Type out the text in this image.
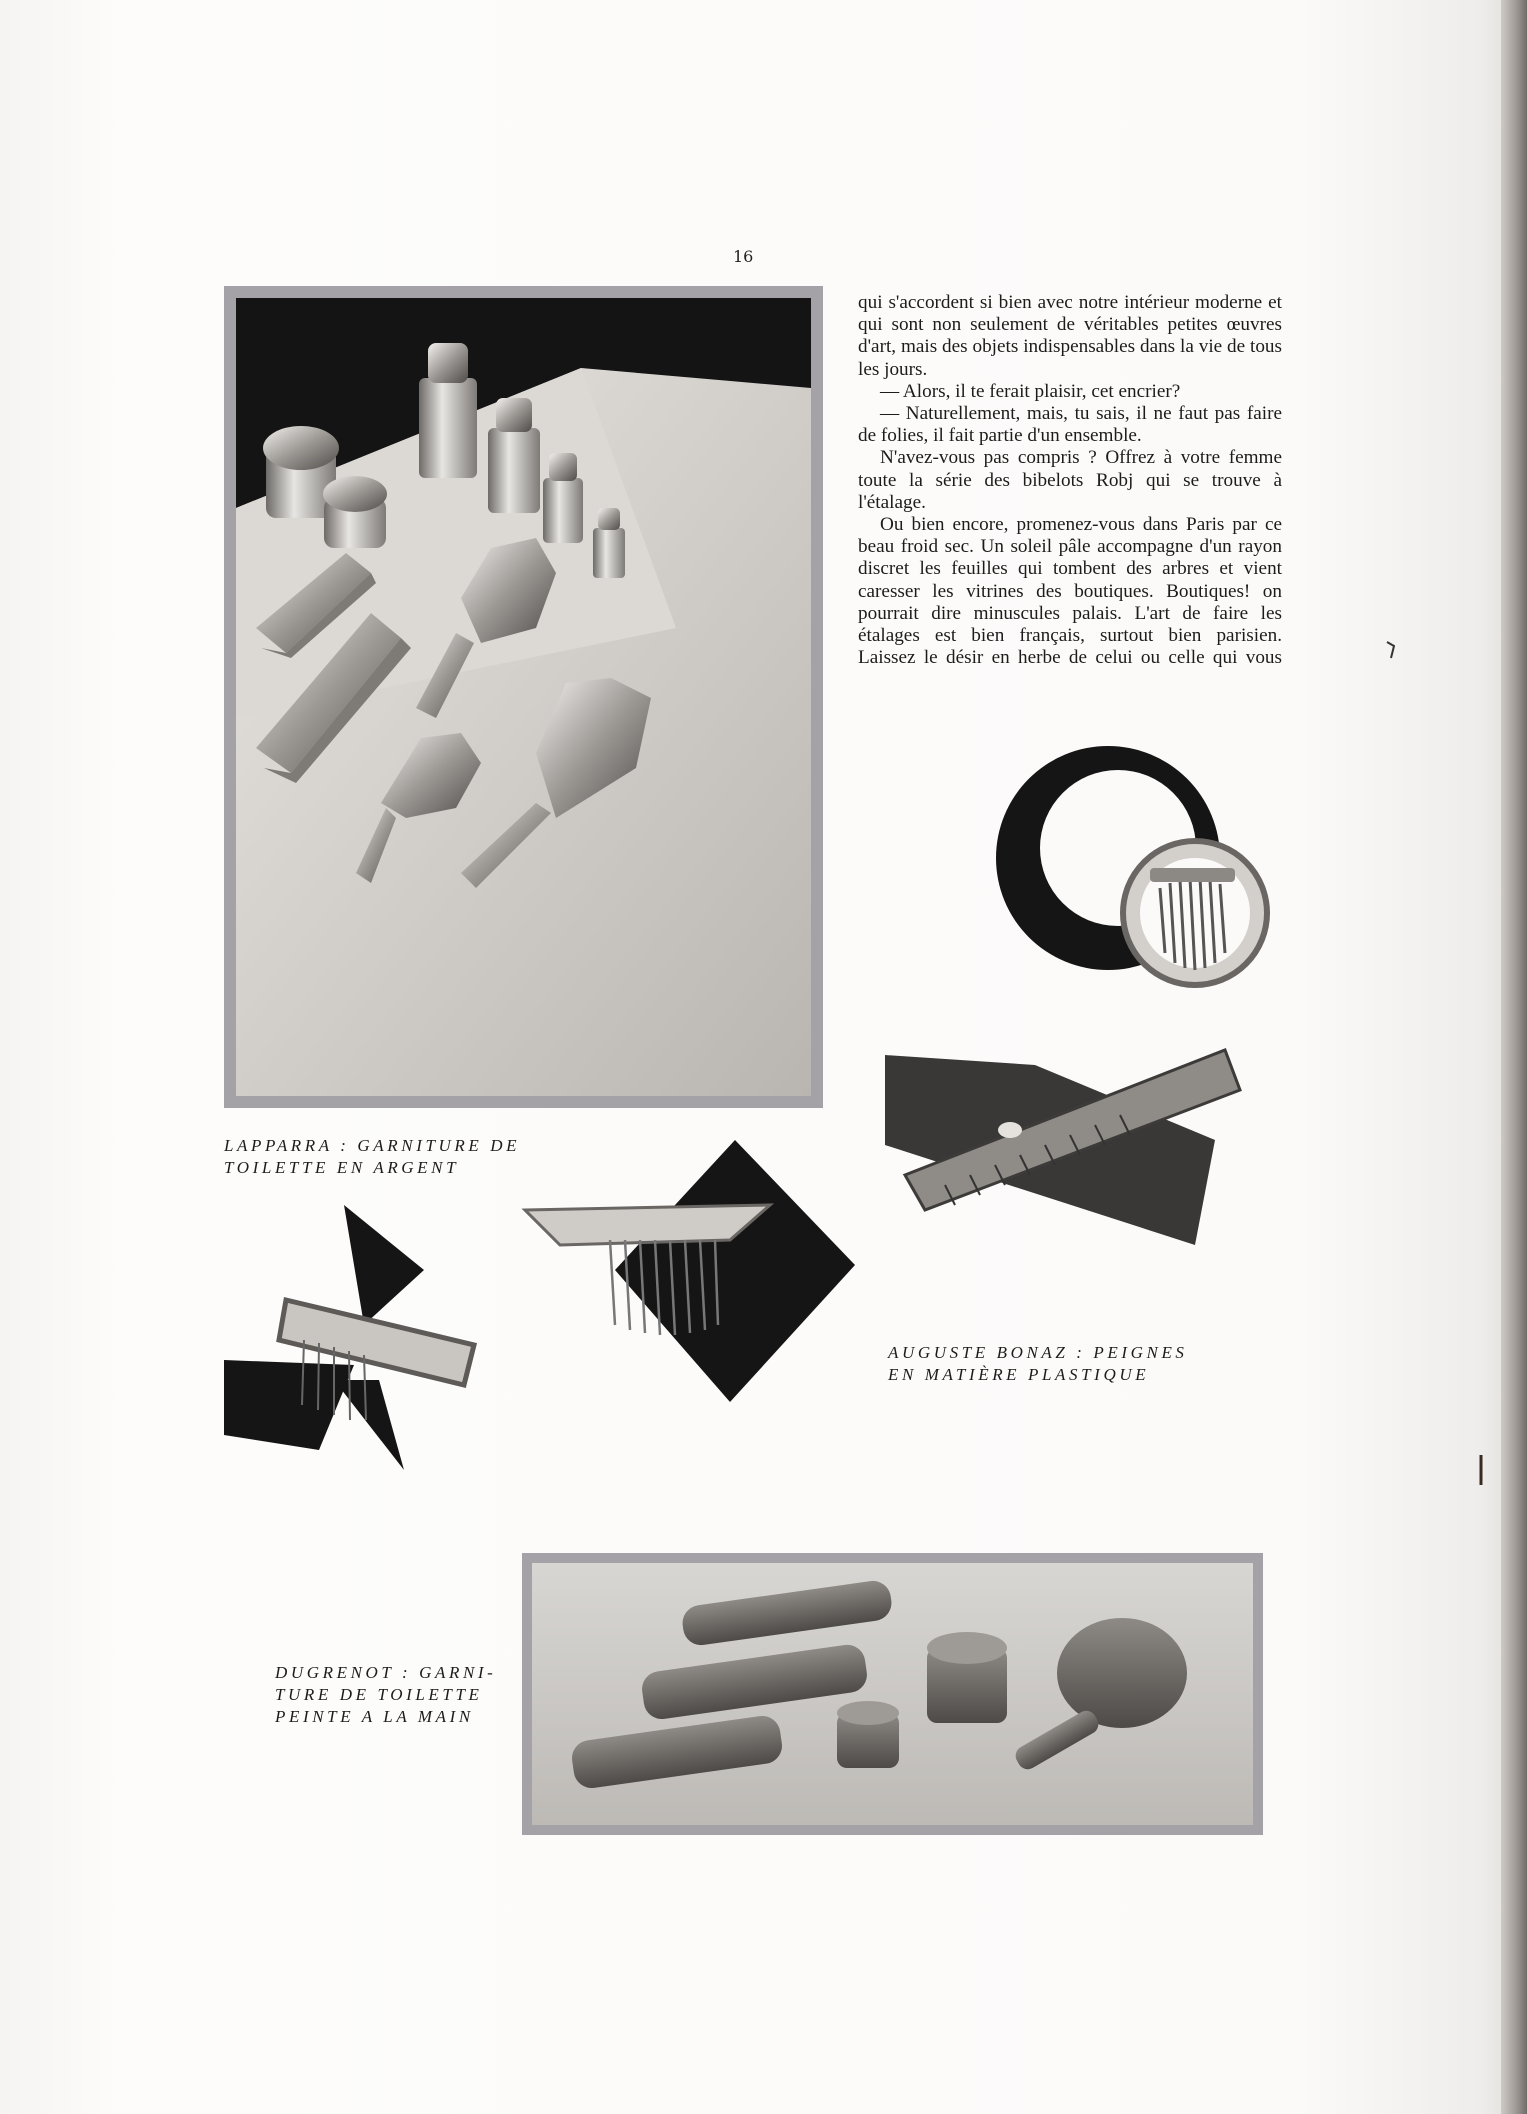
16

qui s'accordent si bien avec notre intérieur moderne et qui sont non seulement de véritables petites œuvres d'art, mais des objets indispensables dans la vie de tous les jours.

— Alors, il te ferait plaisir, cet encrier?

— Naturellement, mais, tu sais, il ne faut pas faire de folies, il fait partie d'un ensemble.

N'avez-vous pas compris ? Offrez à votre femme toute la série des bibelots Robj qui se trouve à l'étalage.

Ou bien encore, promenez-vous dans Paris par ce beau froid sec. Un soleil pâle accompagne d'un rayon discret les feuilles qui tombent des arbres et vient caresser les vitrines des boutiques. Boutiques! on pourrait dire minuscules palais. L'art de faire les étalages est bien français, surtout bien parisien. Laissez le désir en herbe de celui ou celle qui vous

LAPPARRA : GARNITURE DE
TOILETTE EN ARGENT
AUGUSTE BONAZ : PEIGNES
EN MATIÈRE PLASTIQUE
DUGRENOT : GARNI-
TURE DE TOILETTE
PEINTE A LA MAIN
